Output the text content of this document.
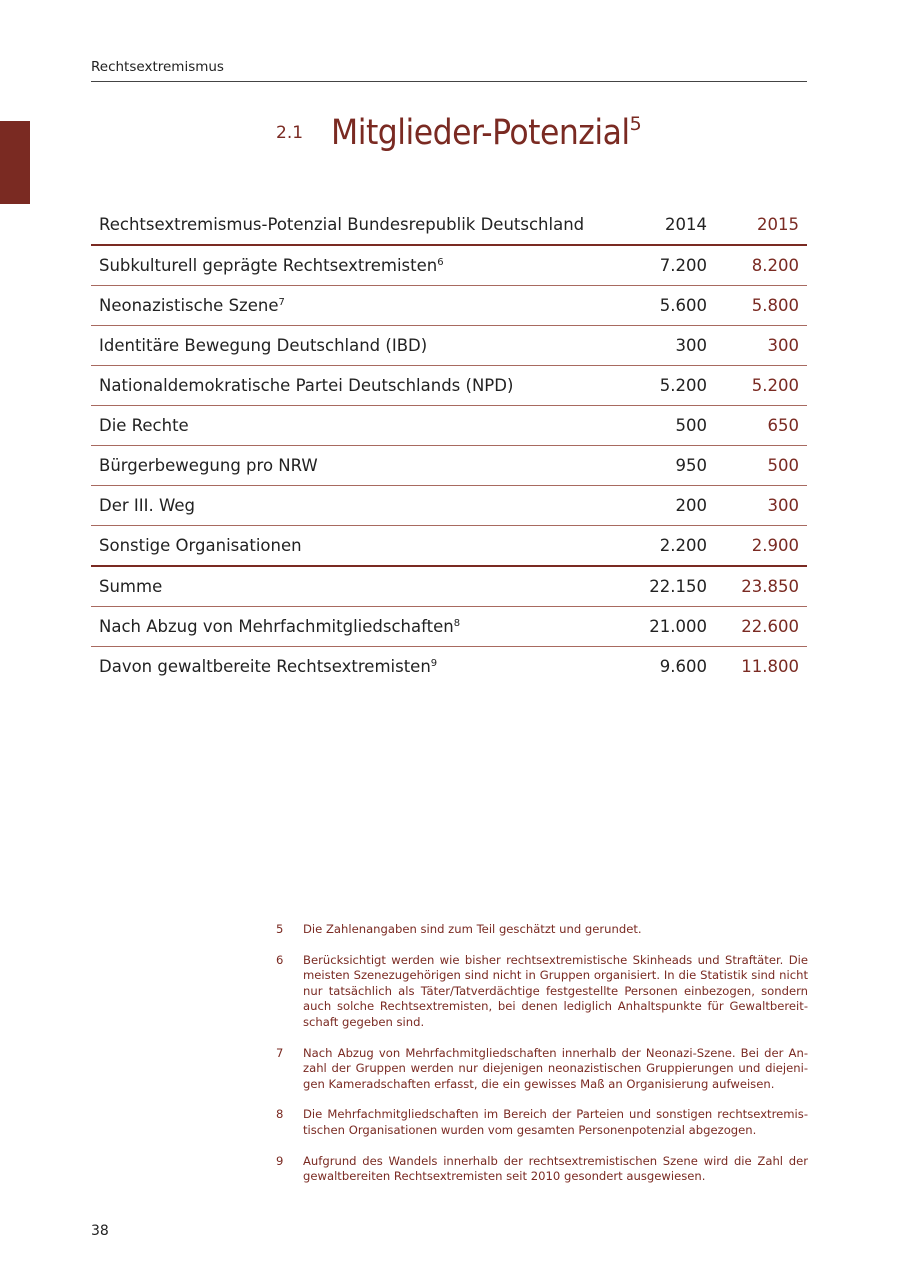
Rechtsextremismus
2.1 Mitglieder-Potenzial$^5$
Rechtsextremismus-Potenzial Bundesrepublik Deutschland	2014	2015
Subkulturell geprägte Rechtsextremisten$^6$	7.200	8.200
Neonazistische Szene$^7$	5.600	5.800
Identitäre Bewegung Deutschland (IBD)	300	300
Nationaldemokratische Partei Deutschlands (NPD)	5.200	5.200
Die Rechte	500	650
Bürgerbewegung pro NRW	950	500
Der III. Weg	200	300
Sonstige Organisationen	2.200	2.900
Summe	22.150	23.850
Nach Abzug von Mehrfachmitgliedschaften$^8$	21.000	22.600
Davon gewaltbereite Rechtsextremisten$^9$	9.600	11.800
5	Die Zahlenangaben sind zum Teil geschätzt und gerundet.
6	Berücksichtigt werden wie bisher rechtsextremistische Skinheads und Straftäter. Die meisten Szenezugehörigen sind nicht in Gruppen organisiert. In die Statistik sind nicht nur tatsächlich als Täter/Tatverdächtige festgestellte Personen einbezogen, sondern auch solche Rechtsextremisten, bei denen lediglich Anhaltspunkte für Gewaltbereitschaft gegeben sind.
7	Nach Abzug von Mehrfachmitgliedschaften innerhalb der Neonazi-Szene. Bei der Anzahl der Gruppen werden nur diejenigen neonazistischen Gruppierungen und diejenigen Kameradschaften erfasst, die ein gewisses Maß an Organisierung aufweisen.
8	Die Mehrfachmitgliedschaften im Bereich der Parteien und sonstigen rechtsextremistischen Organisationen wurden vom gesamten Personenpotenzial abgezogen.
9	Aufgrund des Wandels innerhalb der rechtsextremistischen Szene wird die Zahl der gewaltbereiten Rechtsextremisten seit 2010 gesondert ausgewiesen.
38
